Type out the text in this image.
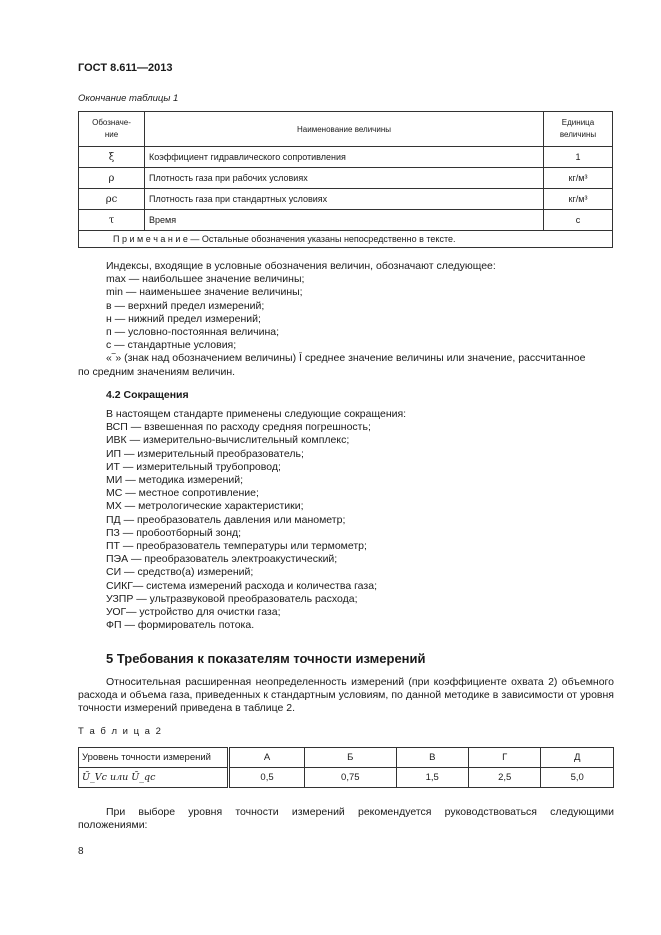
ГОСТ 8.611—2013
Окончание таблицы 1
Обозначе-
ние	Наименование величины	Единица
величины
ξ	Коэффициент гидравлического сопротивления	1
ρ	Плотность газа при рабочих условиях	кг/м³
ρс	Плотность газа при стандартных условиях	кг/м³
τ	Время	с
П р и м е ч а н и е — Остальные обозначения указаны непосредственно в тексте.		
Индексы, входящие в условные обозначения величин, обозначают следующее:
max — наибольшее значение величины;
min — наименьшее значение величины;
в — верхний предел измерений;
н — нижний предел измерений;
п — условно-постоянная величина;
с — стандартные условия;
«‾» (знак над обозначением величины) Ī среднее значение величины или значение, рассчитанное
по средним значениям величин.
4.2 Сокращения
В настоящем стандарте применены следующие сокращения:
ВСП — взвешенная по расходу средняя погрешность;
ИВК — измерительно-вычислительный комплекс;
ИП — измерительный преобразователь;
ИТ — измерительный трубопровод;
МИ — методика измерений;
МС — местное сопротивление;
МХ — метрологические характеристики;
ПД — преобразователь давления или манометр;
ПЗ — пробоотборный зонд;
ПТ — преобразователь температуры или термометр;
ПЭА — преобразователь электроакустический;
СИ — средство(а) измерений;
СИКГ— система измерений расхода и количества газа;
УЗПР — ультразвуковой преобразователь расхода;
УОГ— устройство для очистки газа;
ФП — формирователь потока.
5 Требования к показателям точности измерений
Относительная расширенная неопределенность измерений (при коэффициенте охвата 2) объемного расхода и объема газа, приведенных к стандартным условиям, по данной методике в зависимости от уровня точности измерений приведена в таблице 2.
Т а б л и ц а 2
Уровень точности измерений	А	Б	В	Г	Д
Ũ_Vc или Ũ_qc	0,5	0,75	1,5	2,5	5,0
При выборе уровня точности измерений рекомендуется руководствоваться следующими положениями:
8
